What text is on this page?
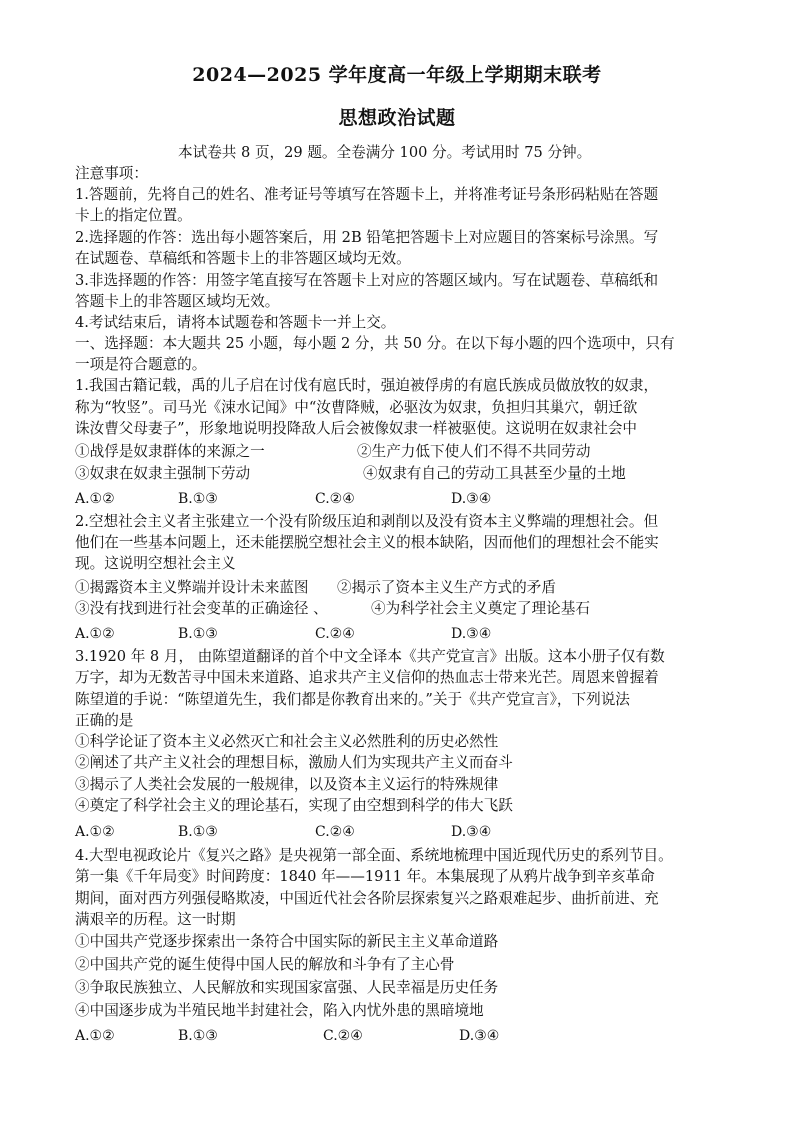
2024—2025 学年度高一年级上学期期末联考
思想政治试题
本试卷共 8 页，29 题。全卷满分 100 分。考试用时 75 分钟。
注意事项：
1.答题前，先将自己的姓名、准考证号等填写在答题卡上，并将准考证号条形码粘贴在答题
卡上的指定位置。
2.选择题的作答：选出每小题答案后，用 2B 铅笔把答题卡上对应题目的答案标号涂黑。写
在试题卷、草稿纸和答题卡上的非答题区域均无效。
3.非选择题的作答：用签字笔直接写在答题卡上对应的答题区域内。写在试题卷、草稿纸和
答题卡上的非答题区域均无效。
4.考试结束后，请将本试题卷和答题卡一并上交。
一、选择题：本大题共 25 小题，每小题 2 分，共 50 分。在以下每小题的四个选项中，只有
一项是符合题意的。
1.我国古籍记载，禹的儿子启在讨伐有扈氏时，强迫被俘虏的有扈氏族成员做放牧的奴隶，
称为“牧竖”。司马光《涑水记闻》中“汝曹降贼，必驱汝为奴隶，负担归其巢穴，朝迁欲
诛汝曹父母妻子”，形象地说明投降敌人后会被像奴隶一样被驱使。这说明在奴隶社会中
①战俘是奴隶群体的来源之一	②生产力低下使人们不得不共同劳动
③奴隶在奴隶主强制下劳动	④奴隶有自己的劳动工具甚至少量的土地
A.①②	B.①③	C.②④	D.③④
2.空想社会主义者主张建立一个没有阶级压迫和剥削以及没有资本主义弊端的理想社会。但
他们在一些基本问题上，还未能摆脱空想社会主义的根本缺陷，因而他们的理想社会不能实
现。这说明空想社会主义
①揭露资本主义弊端并设计未来蓝图 ②揭示了资本主义生产方式的矛盾
③没有找到进行社会变革的正确途径 、	④为科学社会主义奠定了理论基石
A.①②	B.①③	C.②④	D.③④
3.1920 年 8 月， 由陈望道翻译的首个中文全译本《共产党宣言》出版。这本小册子仅有数
万字，却为无数苦寻中国未来道路、追求共产主义信仰的热血志士带来光芒。周恩来曾握着
陈望道的手说：“陈望道先生，我们都是你教育出来的。”关于《共产党宣言》，下列说法
正确的是
①科学论证了资本主义必然灭亡和社会主义必然胜利的历史必然性
②阐述了共产主义社会的理想目标，激励人们为实现共产主义而奋斗
③揭示了人类社会发展的一般规律，以及资本主义运行的特殊规律
④奠定了科学社会主义的理论基石，实现了由空想到科学的伟大飞跃
A.①②	B.①③	C.②④	D.③④
4.大型电视政论片《复兴之路》是央视第一部全面、系统地梳理中国近现代历史的系列节目。
第一集《千年局变》时间跨度：1840 年——1911 年。本集展现了从鸦片战争到辛亥革命
期间，面对西方列强侵略欺凌，中国近代社会各阶层探索复兴之路艰难起步、曲折前进、充
满艰辛的历程。这一时期
①中国共产党逐步探索出一条符合中国实际的新民主主义革命道路
②中国共产党的诞生使得中国人民的解放和斗争有了主心骨
③争取民族独立、人民解放和实现国家富强、人民幸福是历史任务
④中国逐步成为半殖民地半封建社会，陷入内忧外患的黑暗境地
A.①②	B.①③	C.②④	D.③④
